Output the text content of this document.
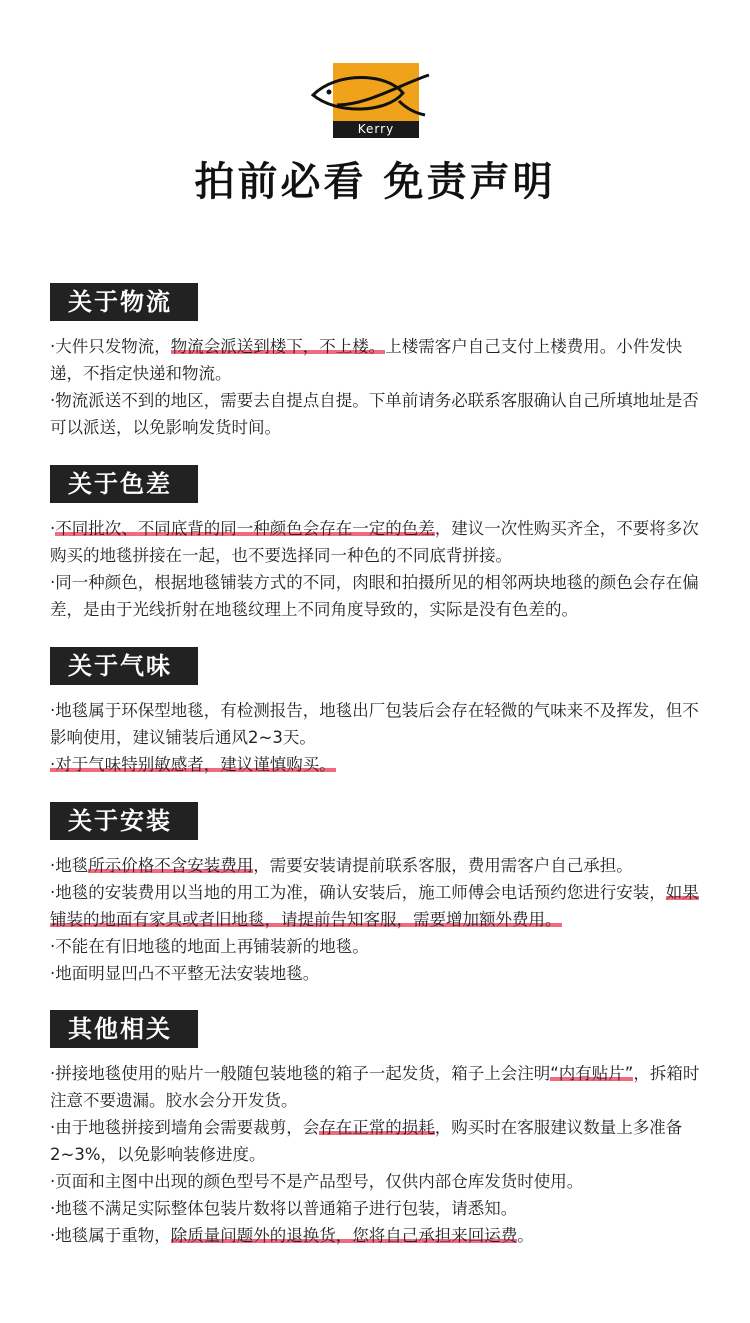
Kerry
拍前必看 免责声明
关于物流
·大件只发物流，物流会派送到楼下，不上楼。上楼需客户自己支付上楼费用。小件发快递，不指定快递和物流。
·物流派送不到的地区，需要去自提点自提。下单前请务必联系客服确认自己所填地址是否可以派送，以免影响发货时间。
关于色差
·不同批次、不同底背的同一种颜色会存在一定的色差，建议一次性购买齐全，不要将多次购买的地毯拼接在一起，也不要选择同一种色的不同底背拼接。
·同一种颜色，根据地毯铺装方式的不同，肉眼和拍摄所见的相邻两块地毯的颜色会存在偏差，是由于光线折射在地毯纹理上不同角度导致的，实际是没有色差的。
关于气味
·地毯属于环保型地毯，有检测报告，地毯出厂包装后会存在轻微的气味来不及挥发，但不影响使用，建议铺装后通风2~3天。
·对于气味特别敏感者，建议谨慎购买。
关于安装
·地毯所示价格不含安装费用，需要安装请提前联系客服，费用需客户自己承担。
·地毯的安装费用以当地的用工为准，确认安装后，施工师傅会电话预约您进行安装，如果铺装的地面有家具或者旧地毯，请提前告知客服，需要增加额外费用。
·不能在有旧地毯的地面上再铺装新的地毯。
·地面明显凹凸不平整无法安装地毯。
其他相关
·拼接地毯使用的贴片一般随包装地毯的箱子一起发货，箱子上会注明“内有贴片”，拆箱时注意不要遗漏。胶水会分开发货。
·由于地毯拼接到墙角会需要裁剪，会存在正常的损耗，购买时在客服建议数量上多准备2~3%，以免影响装修进度。
·页面和主图中出现的颜色型号不是产品型号，仅供内部仓库发货时使用。
·地毯不满足实际整体包装片数将以普通箱子进行包装，请悉知。
·地毯属于重物，除质量问题外的退换货，您将自己承担来回运费。
